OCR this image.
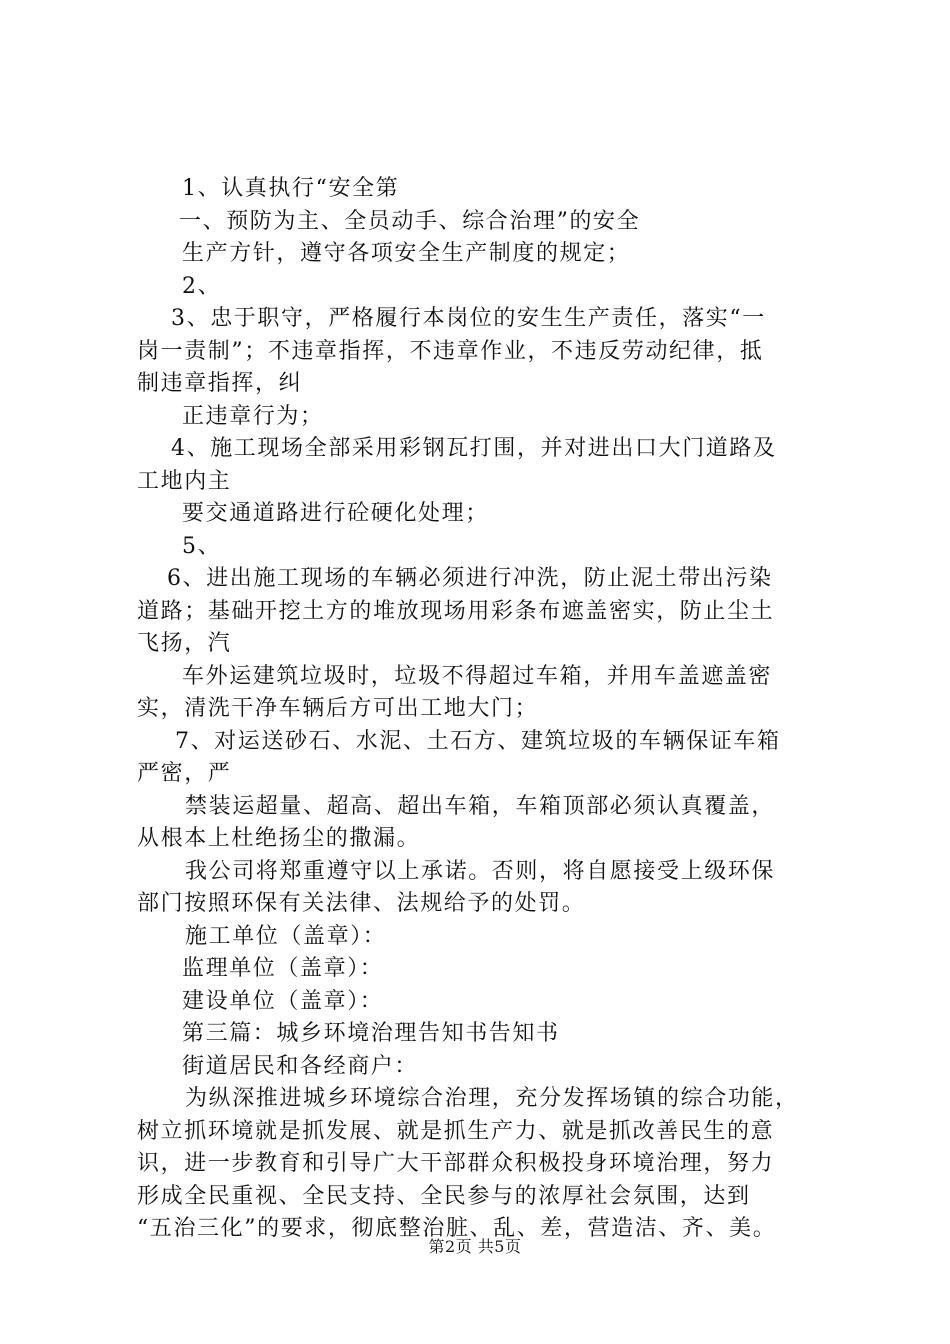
1、认真执行“安全第
一、预防为主、全员动手、综合治理”的安全
生产方针，遵守各项安全生产制度的规定；
2、
3、忠于职守，严格履行本岗位的安生生产责任，落实“一
岗一责制”；不违章指挥，不违章作业，不违反劳动纪律，抵
制违章指挥，纠
正违章行为；
4、施工现场全部采用彩钢瓦打围，并对进出口大门道路及
工地内主
要交通道路进行砼硬化处理；
5、
6、进出施工现场的车辆必须进行冲洗，防止泥土带出污染
道路；基础开挖土方的堆放现场用彩条布遮盖密实，防止尘土
飞扬，汽
车外运建筑垃圾时，垃圾不得超过车箱，并用车盖遮盖密
实，清洗干净车辆后方可出工地大门；
7、对运送砂石、水泥、土石方、建筑垃圾的车辆保证车箱
严密，严
禁装运超量、超高、超出车箱，车箱顶部必须认真覆盖，
从根本上杜绝扬尘的撒漏。
我公司将郑重遵守以上承诺。否则，将自愿接受上级环保
部门按照环保有关法律、法规给予的处罚。
施工单位（盖章）：
监理单位（盖章）：
建设单位（盖章）：
第三篇：城乡环境治理告知书告知书
街道居民和各经商户：
为纵深推进城乡环境综合治理，充分发挥场镇的综合功能，
树立抓环境就是抓发展、就是抓生产力、就是抓改善民生的意
识，进一步教育和引导广大干部群众积极投身环境治理，努力
形成全民重视、全民支持、全民参与的浓厚社会氛围，达到
“五治三化”的要求，彻底整治脏、乱、差，营造洁、齐、美。
第2页 共5页
